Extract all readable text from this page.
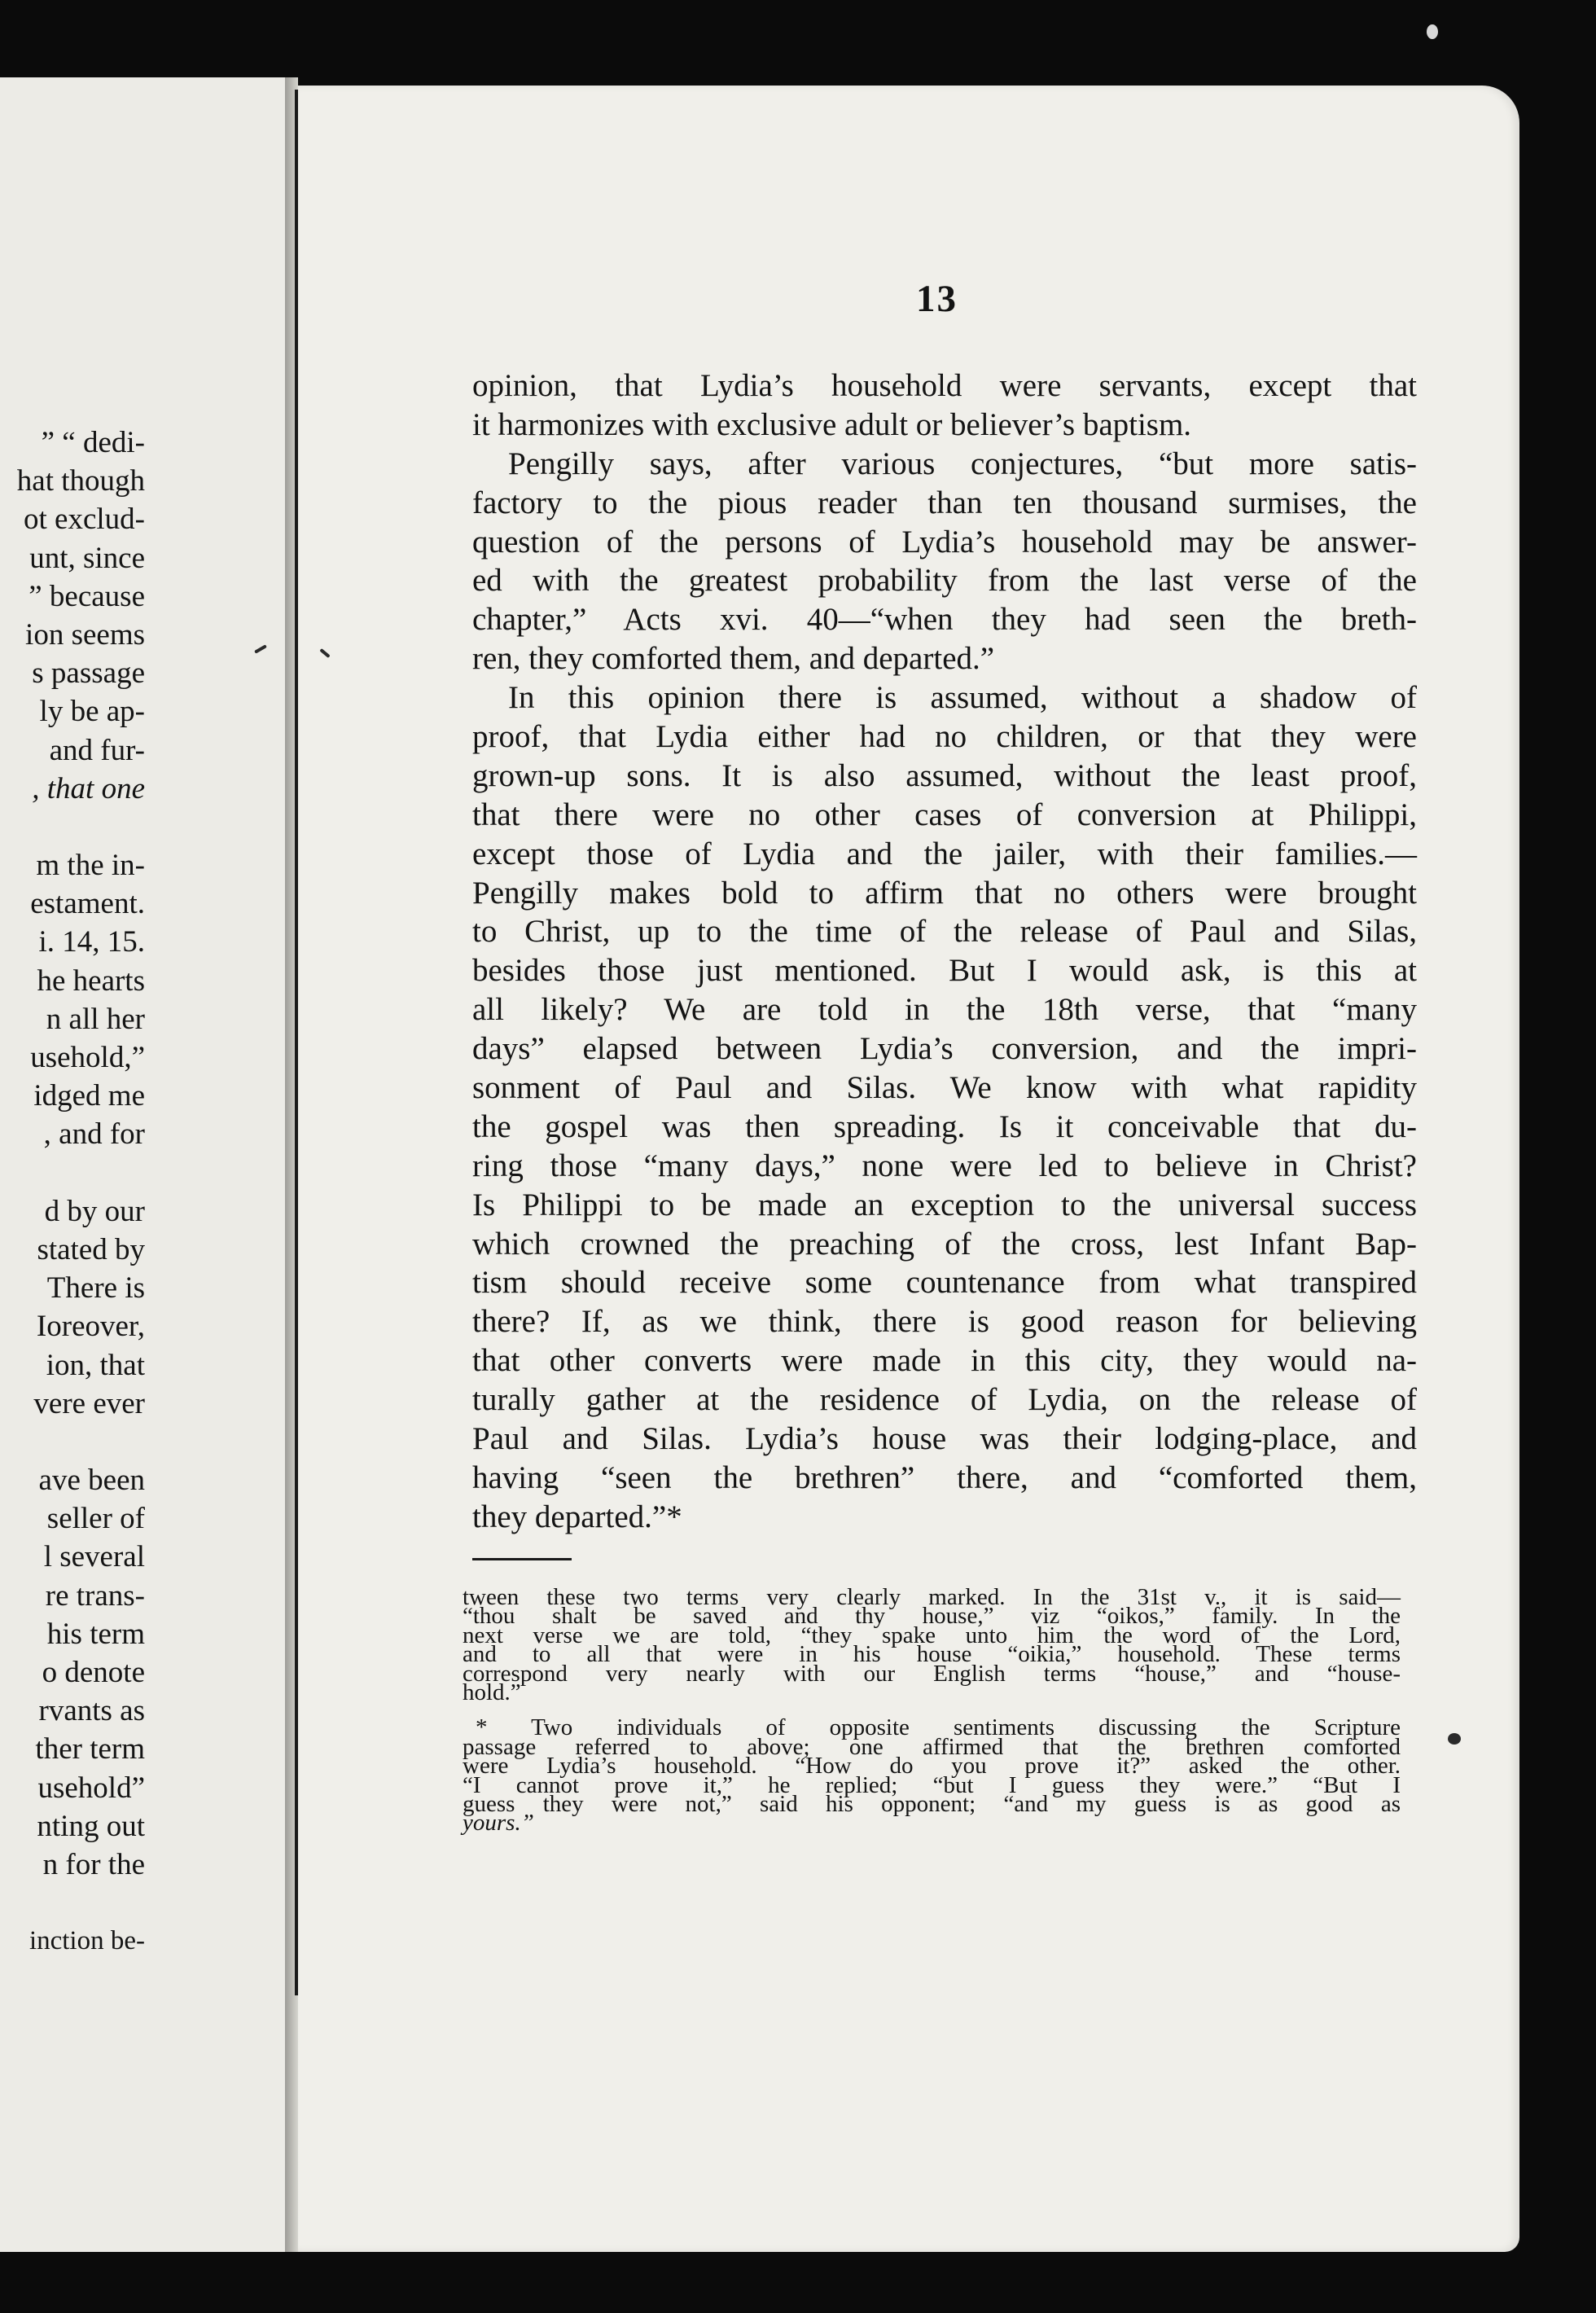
” “ dedi-
hat though
ot exclud-
unt, since
” because
ion seems
s passage
ly be ap-
and fur-
, that one
m the in-
estament.
i. 14, 15.
he hearts
n all her
usehold,”
idged me
, and for
d by our
stated by
There is
Ioreover,
ion, that
vere ever
ave been
seller of
l several
re trans-
his term
o denote
rvants as
ther term
usehold”
nting out
n for the
inction be-
13
opinion, that Lydia’s household were servants, except that
it harmonizes with exclusive adult or believer’s baptism.
Pengilly says, after various conjectures, “but more satis-
factory to the pious reader than ten thousand surmises, the
question of the persons of Lydia’s household may be answer-
ed with the greatest probability from the last verse of the
chapter,” Acts xvi. 40—“when they had seen the breth-
ren, they comforted them, and departed.”
In this opinion there is assumed, without a shadow of
proof, that Lydia either had no children, or that they were
grown-up sons. It is also assumed, without the least proof,
that there were no other cases of conversion at Philippi,
except those of Lydia and the jailer, with their families.—
Pengilly makes bold to affirm that no others were brought
to Christ, up to the time of the release of Paul and Silas,
besides those just mentioned. But I would ask, is this at
all likely? We are told in the 18th verse, that “many
days” elapsed between Lydia’s conversion, and the impri-
sonment of Paul and Silas. We know with what rapidity
the gospel was then spreading. Is it conceivable that du-
ring those “many days,” none were led to believe in Christ?
Is Philippi to be made an exception to the universal success
which crowned the preaching of the cross, lest Infant Bap-
tism should receive some countenance from what transpired
there? If, as we think, there is good reason for believing
that other converts were made in this city, they would na-
turally gather at the residence of Lydia, on the release of
Paul and Silas. Lydia’s house was their lodging-place, and
having “seen the brethren” there, and “comforted them,
they departed.”*
tween these two terms very clearly marked. In the 31st v., it is said—
“thou shalt be saved and thy house,” viz “oikos,” family. In the
next verse we are told, “they spake unto him the word of the Lord,
and to all that were in his house “oikia,” household. These terms
correspond very nearly with our English terms “house,” and “house-
hold.”
* Two individuals of opposite sentiments discussing the Scripture
passage referred to above; one affirmed that the brethren comforted
were Lydia’s household. “How do you prove it?” asked the other.
“I cannot prove it,” he replied; “but I guess they were.” “But I
guess they were not,” said his opponent; “and my guess is as good as
yours.”
